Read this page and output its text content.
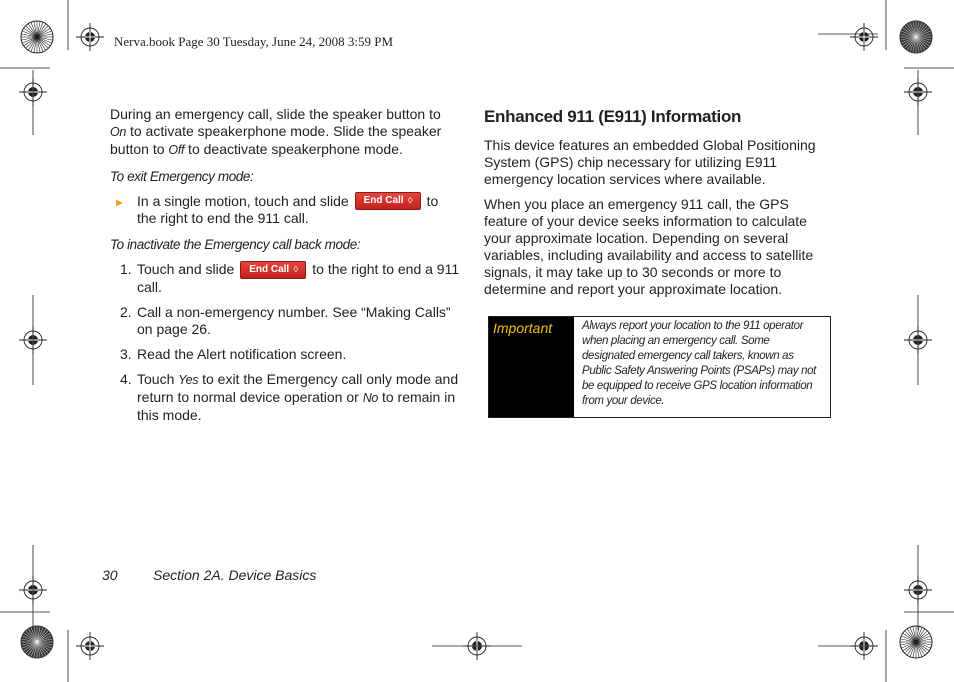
Nerva.book Page 30 Tuesday, June 24, 2008 3:59 PM

During an emergency call, slide the speaker button to On to activate speakerphone mode. Slide the speaker button to Off to deactivate speakerphone mode.

To exit Emergency mode:

► In a single motion, touch and slide End Call ♢ to the right to end the 911 call.

To inactivate the Emergency call back mode:

1. Touch and slide End Call ♢ to the right to end a 911 call.
2. Call a non-emergency number. See “Making Calls” on page 26.
3. Read the Alert notification screen.
4. Touch Yes to exit the Emergency call only mode and return to normal device operation or No to remain in this mode.
Enhanced 911 (E911) Information

This device features an embedded Global Positioning System (GPS) chip necessary for utilizing E911 emergency location services where available.

When you place an emergency 911 call, the GPS feature of your device seeks information to calculate your approximate location. Depending on several variables, including availability and access to satellite signals, it may take up to 30 seconds or more to determine and report your approximate location.

Important	Always report your location to the 911 operator when placing an emergency call. Some designated emergency call takers, known as Public Safety Answering Points (PSAPs) may not be equipped to receive GPS location information from your device.
30	Section 2A. Device Basics
